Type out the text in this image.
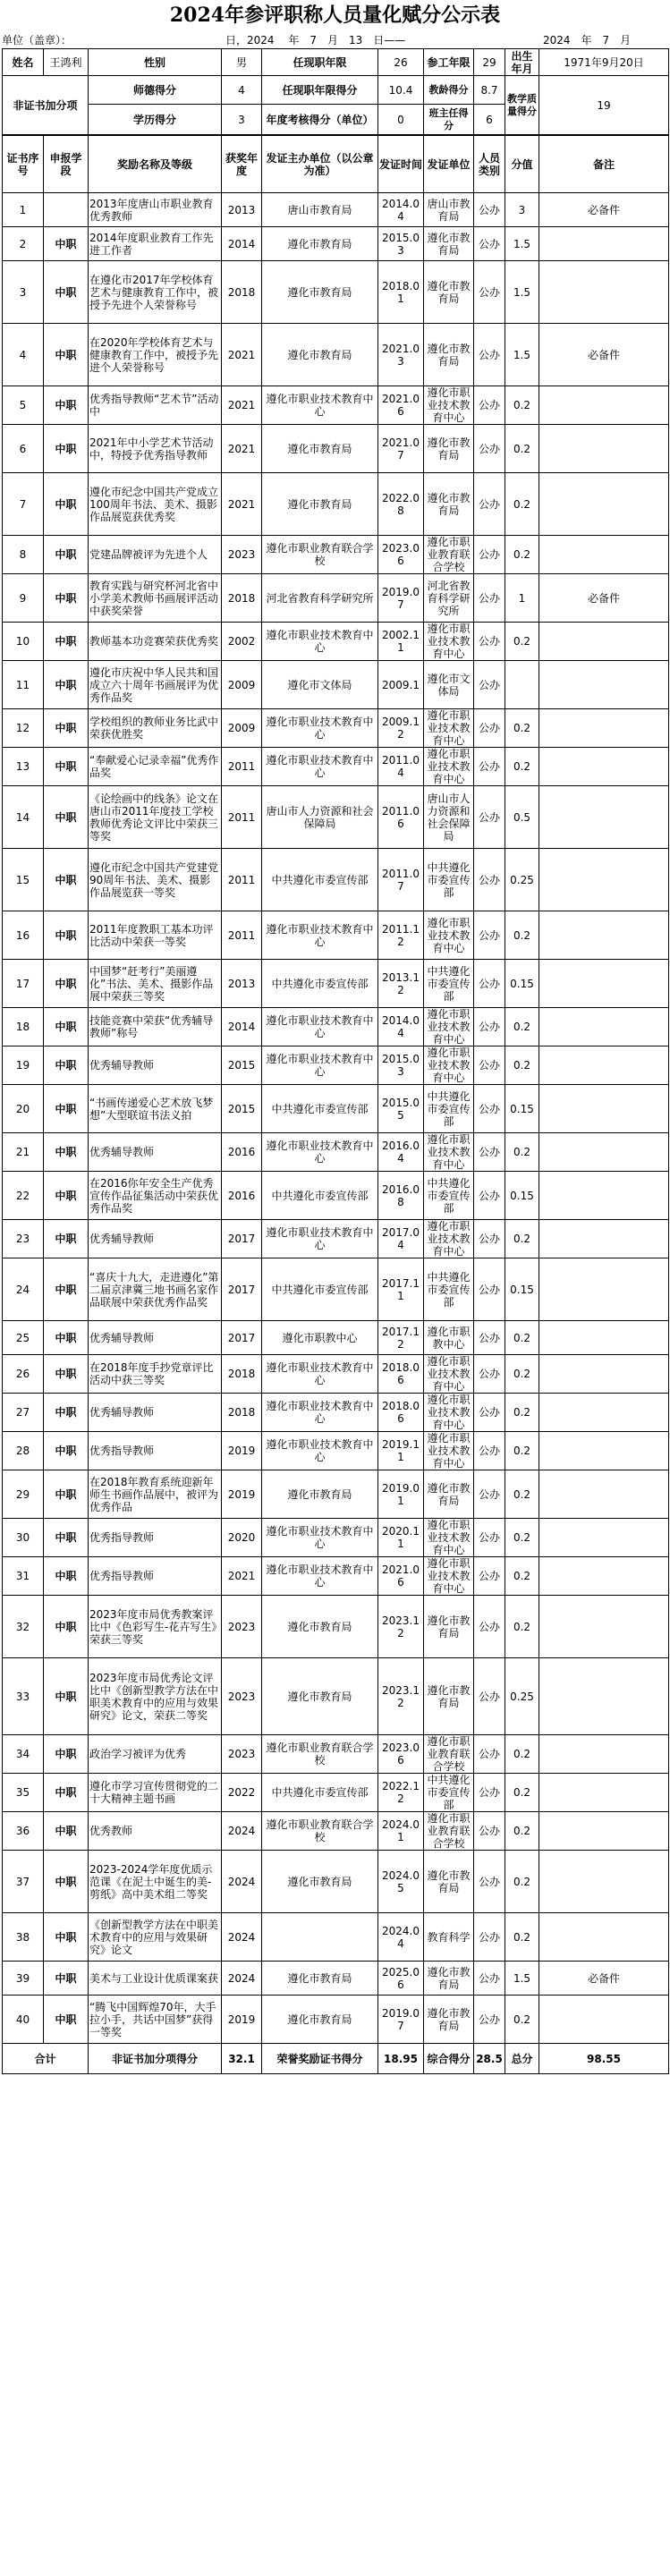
2024年参评职称人员量化赋分公示表
单位（盖章）：	日，2024 　年　7　月　13　日——	2024　年　7　月
姓名	王鸿利	性别	男	任现职年限	26	参工年限	29	出生年月	1971年9月20日
非证书加分项		师德得分	4	任现职年限得分	10.4	教龄得分	8.7	教学质量得分	19
		学历得分	3	年度考核得分（单位）	0	班主任得分	6		
证书序号	申报学段	奖励名称及等级	获奖年度	发证主办单位（以公章为准）	发证时间	发证单位	人员类别	分值	备注
1		2013年度唐山市职业教育优秀教师	2013	唐山市教育局	2014.04	唐山市教育局	公办	3	必备件
2	中职	2014年度职业教育工作先进工作者	2014	遵化市教育局	2015.03	遵化市教育局	公办	1.5	
3	中职	在遵化市2017年学校体育艺术与健康教育工作中，被授予先进个人荣誉称号	2018	遵化市教育局	2018.01	遵化市教育局	公办	1.5	
4	中职	在2020年学校体育艺术与健康教育工作中，被授予先进个人荣誉称号	2021	遵化市教育局	2021.03	遵化市教育局	公办	1.5	必备件
5	中职	优秀指导教师“艺术节”活动中	2021	遵化市职业技术教育中心	2021.06	遵化市职业技术教育中心	公办	0.2	
6	中职	2021年中小学艺术节活动中，特授予优秀指导教师	2021	遵化市教育局	2021.07	遵化市教育局	公办	0.2	
7	中职	遵化市纪念中国共产党成立100周年书法、美术、摄影作品展览获优秀奖	2021	遵化市教育局	2022.08	遵化市教育局	公办	0.2	
8	中职	党建品牌被评为先进个人	2023	遵化市职业教育联合学校	2023.06	遵化市职业教育联合学校	公办	0.2	
9	中职	教育实践与研究杯河北省中小学美术教师书画展评活动中获奖荣誉	2018	河北省教育科学研究所	2019.07	河北省教育科学研究所	公办	1	必备件
10	中职	教师基本功竞赛荣获优秀奖	2002	遵化市职业技术教育中心	2002.11	遵化市职业技术教育中心	公办	0.2	
11	中职	遵化市庆祝中华人民共和国成立六十周年书画展评为优秀作品奖	2009	遵化市文体局	2009.1	遵化市文体局	公办		
12	中职	学校组织的教师业务比武中荣获优胜奖	2009	遵化市职业技术教育中心	2009.12	遵化市职业技术教育中心	公办	0.2	
13	中职	“奉献爱心记录幸福”优秀作品奖	2011	遵化市职业技术教育中心	2011.04	遵化市职业技术教育中心	公办	0.2	
14	中职	《论绘画中的线条》论文在唐山市2011年度技工学校教师优秀论文评比中荣获三等奖	2011	唐山市人力资源和社会保障局	2011.06	唐山市人力资源和社会保障局	公办	0.5	
15	中职	遵化市纪念中国共产党建党90周年书法、美术、摄影作品展览获一等奖	2011	中共遵化市委宣传部	2011.07	中共遵化市委宣传部	公办	0.25	
16	中职	2011年度教职工基本功评比活动中荣获一等奖	2011	遵化市职业技术教育中心	2011.12	遵化市职业技术教育中心	公办	0.2	
17	中职	中国梦“赶考行”美丽遵化”书法、美术、摄影作品展中荣获三等奖	2013	中共遵化市委宣传部	2013.12	中共遵化市委宣传部	公办	0.15	
18	中职	技能竞赛中荣获“优秀辅导教师”称号	2014	遵化市职业技术教育中心	2014.04	遵化市职业技术教育中心	公办	0.2	
19	中职	优秀辅导教师	2015	遵化市职业技术教育中心	2015.03	遵化市职业技术教育中心	公办	0.2	
20	中职	“书画传递爱心艺术放飞梦想”大型联谊书法义拍	2015	中共遵化市委宣传部	2015.05	中共遵化市委宣传部	公办	0.15	
21	中职	优秀辅导教师	2016	遵化市职业技术教育中心	2016.04	遵化市职业技术教育中心	公办	0.2	
22	中职	在2016你年安全生产优秀宣传作品征集活动中荣获优秀作品奖	2016	中共遵化市委宣传部	2016.08	中共遵化市委宣传部	公办	0.15	
23	中职	优秀辅导教师	2017	遵化市职业技术教育中心	2017.04	遵化市职业技术教育中心	公办	0.2	
24	中职	“喜庆十九大，走进遵化”第二届京津冀三地书画名家作品联展中荣获优秀作品奖	2017	中共遵化市委宣传部	2017.11	中共遵化市委宣传部	公办	0.15	
25	中职	优秀辅导教师	2017	遵化市职教中心	2017.12	遵化市职教中心	公办	0.2	
26	中职	在2018年度手抄党章评比活动中获三等奖	2018	遵化市职业技术教育中心	2018.06	遵化市职业技术教育中心	公办	0.2	
27	中职	优秀辅导教师	2018	遵化市职业技术教育中心	2018.06	遵化市职业技术教育中心	公办	0.2	
28	中职	优秀指导教师	2019	遵化市职业技术教育中心	2019.11	遵化市职业技术教育中心	公办	0.2	
29	中职	在2018年教育系统迎新年师生书画作品展中，被评为优秀作品	2019	遵化市教育局	2019.01	遵化市教育局	公办	0.2	
30	中职	优秀指导教师	2020	遵化市职业技术教育中心	2020.11	遵化市职业技术教育中心	公办	0.2	
31	中职	优秀指导教师	2021	遵化市职业技术教育中心	2021.06	遵化市职业技术教育中心	公办	0.2	
32	中职	2023年度市局优秀教案评比中《色彩写生-花卉写生》荣获三等奖	2023	遵化市教育局	2023.12	遵化市教育局	公办	0.2	
33	中职	2023年度市局优秀论文评比中《创新型教学方法在中职美术教育中的应用与效果研究》论文，荣获二等奖	2023	遵化市教育局	2023.12	遵化市教育局	公办	0.25	
34	中职	政治学习被评为优秀	2023	遵化市职业教育联合学校	2023.06	遵化市职业教育联合学校	公办	0.2	
35	中职	遵化市学习宣传贯彻党的二十大精神主题书画	2022	中共遵化市委宣传部	2022.12	中共遵化市委宣传部	公办	0.2	
36	中职	优秀教师	2024	遵化市职业教育联合学校	2024.01	遵化市职业教育联合学校	公办	0.2	
37	中职	2023-2024学年度优质示范课《在泥土中诞生的美-剪纸》高中美术组二等奖	2024	遵化市教育局	2024.05	遵化市教育局	公办	0.2	
38	中职	《创新型教学方法在中职美术教育中的应用与效果研究》论文	2024		2024.04	教育科学	公办	0.2	
39	中职	美术与工业设计优质课案获	2024	遵化市教育局	2025.06	遵化市教育局	公办	1.5	必备件
40	中职	“腾飞中国辉煌70年，大手拉小手，共话中国梦”获得一等奖	2019	遵化市教育局	2019.07	遵化市教育局	公办	0.2	
合计		非证书加分项得分	32.1	荣誉奖励证书得分	18.95	综合得分	28.5	总分	98.55
